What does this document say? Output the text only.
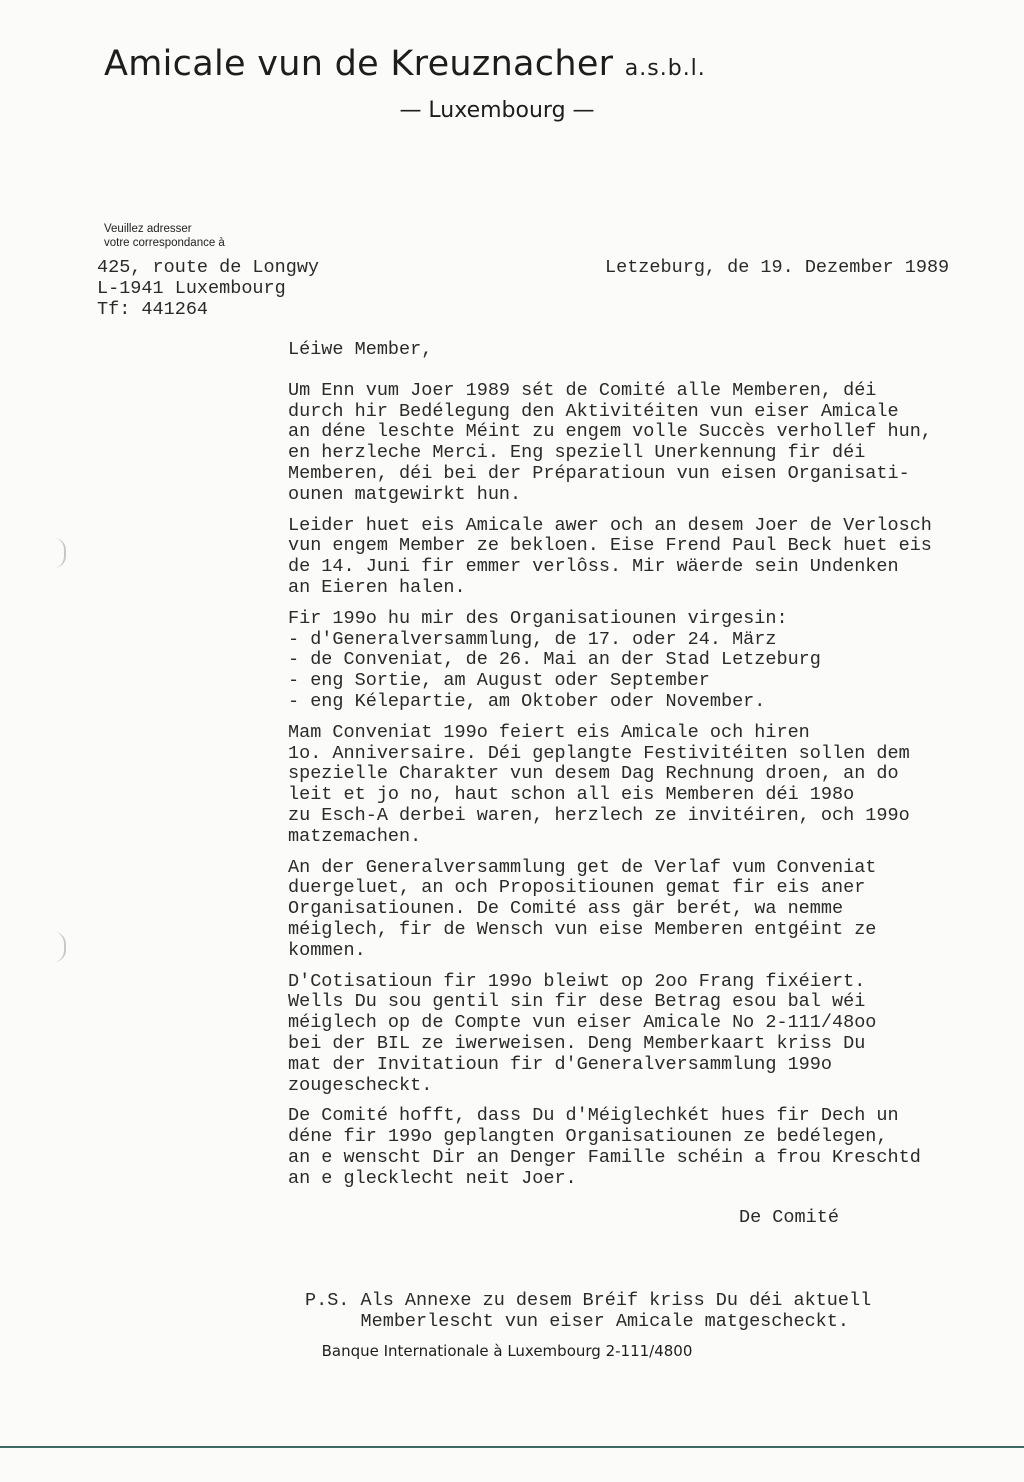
Amicale vun de Kreuznacher a.s.b.l.
— Luxembourg —
Veuillez adresser
votre correspondance à
425, route de Longwy
L-1941 Luxembourg
Tf: 441264
Letzeburg, de 19. Dezember 1989
Léiwe Member,
Um Enn vum Joer 1989 sét de Comité alle Memberen, déi
durch hir Bedélegung den Aktivitéiten vun eiser Amicale
an déne leschte Méint zu engem volle Succès verhollef hun,
en herzleche Merci. Eng speziell Unerkennung fir déi
Memberen, déi bei der Préparatioun vun eisen Organisati-
ounen matgewirkt hun.
Leider huet eis Amicale awer och an desem Joer de Verlosch
vun engem Member ze bekloen. Eise Frend Paul Beck huet eis
de 14. Juni fir emmer verlôss. Mir wäerde sein Undenken
an Eieren halen.
Fir 199o hu mir des Organisatiounen virgesin:
- d'Generalversammlung, de 17. oder 24. März
- de Conveniat, de 26. Mai an der Stad Letzeburg
- eng Sortie, am August oder September
- eng Kélepartie, am Oktober oder November.
Mam Conveniat 199o feiert eis Amicale och hiren
1o. Anniversaire. Déi geplangte Festivitéiten sollen dem
spezielle Charakter vun desem Dag Rechnung droen, an do
leit et jo no, haut schon all eis Memberen déi 198o
zu Esch-A derbei waren, herzlech ze invitéiren, och 199o
matzemachen.
An der Generalversammlung get de Verlaf vum Conveniat
duergeluet, an och Propositiounen gemat fir eis aner
Organisatiounen. De Comité ass gär berét, wa nemme
méiglech, fir de Wensch vun eise Memberen entgéint ze
kommen.
D'Cotisatioun fir 199o bleiwt op 2oo Frang fixéiert.
Wells Du sou gentil sin fir dese Betrag esou bal wéi
méiglech op de Compte vun eiser Amicale No 2-111/48oo
bei der BIL ze iwerweisen. Deng Memberkaart kriss Du
mat der Invitatioun fir d'Generalversammlung 199o
zougescheckt.
De Comité hofft, dass Du d'Méiglechkét hues fir Dech un
déne fir 199o geplangten Organisatiounen ze bedélegen,
an e wenscht Dir an Denger Famille schéin a frou Kreschtd
an e glecklecht neit Joer.
De Comité
P.S. Als Annexe zu desem Bréif kriss Du déi aktuell
Memberlescht vun eiser Amicale matgescheckt.
Banque Internationale à Luxembourg 2-111/4800
